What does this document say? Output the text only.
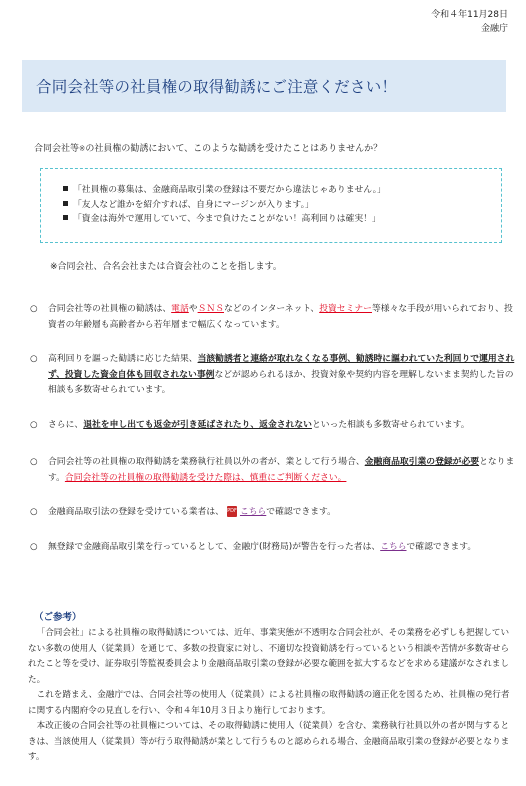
令和４年11月28日
金融庁
合同会社等の社員権の取得勧誘にご注意ください！
合同会社等※の社員権の勧誘において、このような勧誘を受けたことはありませんか？
「社員権の募集は、金融商品取引業の登録は不要だから違法じゃありません。」
「友人など誰かを紹介すれば、自身にマージンが入ります。」
「資金は海外で運用していて、今まで負けたことがない！高利回りは確実！」
※合同会社、合名会社または合資会社のことを指します。
○	合同会社等の社員権の勧誘は、電話やＳＮＳなどのインターネット、投資セミナー等様々な手段が用いられており、投資者の年齢層も高齢者から若年層まで幅広くなっています。
○	高利回りを謳った勧誘に応じた結果、当該勧誘者と連絡が取れなくなる事例、勧誘時に謳われていた利回りで運用されず、投資した資金自体も回収されない事例などが認められるほか、投資対象や契約内容を理解しないまま契約した旨の相談も多数寄せられています。
○	さらに、退社を申し出ても返金が引き延ばされたり、返金されないといった相談も多数寄せられています。
○	合同会社等の社員権の取得勧誘を業務執行社員以外の者が、業として行う場合、金融商品取引業の登録が必要となります。合同会社等の社員権の取得勧誘を受けた際は、慎重にご判断ください。
○	金融商品取引法の登録を受けている業者は、 PDF こちらで確認できます。
○	無登録で金融商品取引業を行っているとして、金融庁(財務局)が警告を行った者は、こちらで確認できます。
（ご参考）

「合同会社」による社員権の取得勧誘については、近年、事業実態が不透明な合同会社が、その業務を必ずしも把握していない多数の使用人（従業員）を通じて、多数の投資家に対し、不適切な投資勧誘を行っているという相談や苦情が多数寄せられたこと等を受け、証券取引等監視委員会より金融商品取引業の登録が必要な範囲を拡大するなどを求める建議がなされました。

これを踏まえ、金融庁では、合同会社等の使用人（従業員）による社員権の取得勧誘の適正化を図るため、社員権の発行者に関する内閣府令の見直しを行い、令和４年10月３日より施行しております。

本改正後の合同会社等の社員権については、その取得勧誘に使用人（従業員）を含む、業務執行社員以外の者が関与するときは、当該使用人（従業員）等が行う取得勧誘が業として行うものと認められる場合、金融商品取引業の登録が必要となります。
